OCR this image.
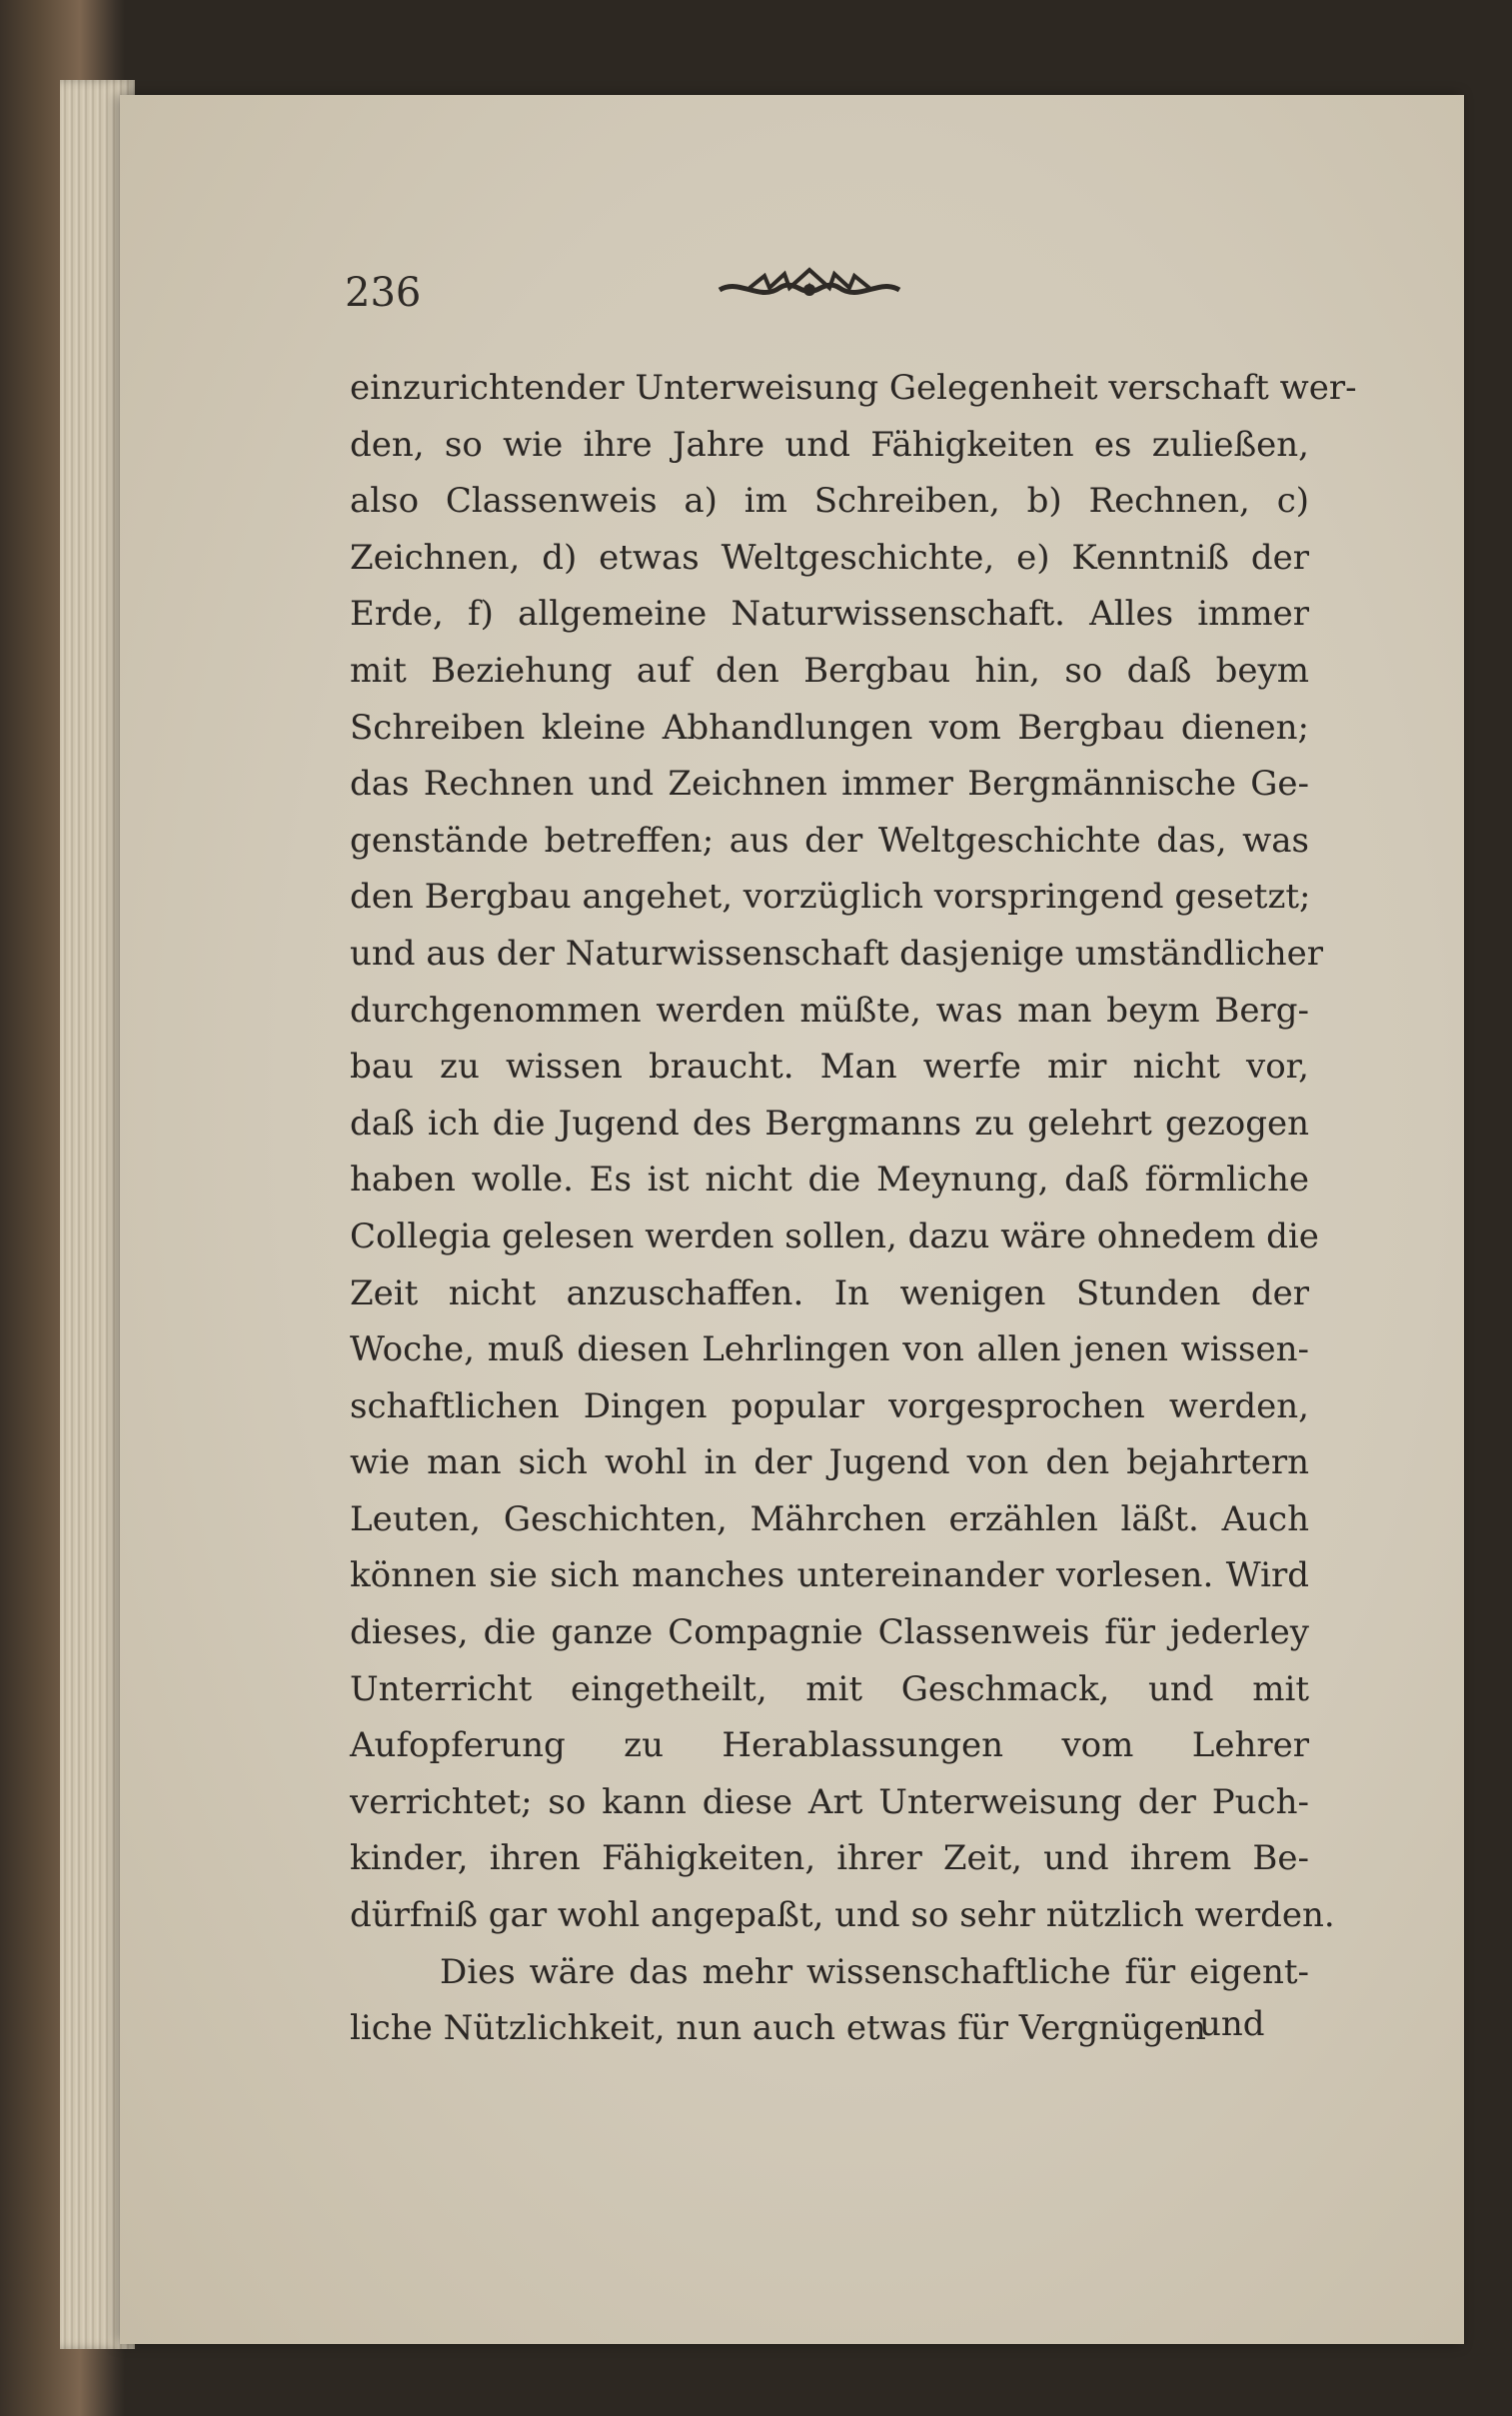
236
einzurichtender Unterweisung Gelegenheit verschaft wer-
den, so wie ihre Jahre und Fähigkeiten es zuließen,
also Classenweis a) im Schreiben, b) Rechnen, c)
Zeichnen, d) etwas Weltgeschichte, e) Kenntniß der
Erde, f) allgemeine Naturwissenschaft. Alles immer
mit Beziehung auf den Bergbau hin, so daß beym
Schreiben kleine Abhandlungen vom Bergbau dienen;
das Rechnen und Zeichnen immer Bergmännische Ge-
genstände betreffen; aus der Weltgeschichte das, was
den Bergbau angehet, vorzüglich vorspringend gesetzt;
und aus der Naturwissenschaft dasjenige umständlicher
durchgenommen werden müßte, was man beym Berg-
bau zu wissen braucht. Man werfe mir nicht vor,
daß ich die Jugend des Bergmanns zu gelehrt gezogen
haben wolle. Es ist nicht die Meynung, daß förmliche
Collegia gelesen werden sollen, dazu wäre ohnedem die
Zeit nicht anzuschaffen. In wenigen Stunden der
Woche, muß diesen Lehrlingen von allen jenen wissen-
schaftlichen Dingen popular vorgesprochen werden,
wie man sich wohl in der Jugend von den bejahrtern
Leuten, Geschichten, Mährchen erzählen läßt. Auch
können sie sich manches untereinander vorlesen. Wird
dieses, die ganze Compagnie Classenweis für jederley
Unterricht eingetheilt, mit Geschmack, und mit
Aufopferung zu Herablassungen vom Lehrer
verrichtet; so kann diese Art Unterweisung der Puch-
kinder, ihren Fähigkeiten, ihrer Zeit, und ihrem Be-
dürfniß gar wohl angepaßt, und so sehr nützlich werden.
Dies wäre das mehr wissenschaftliche für eigent-
liche Nützlichkeit, nun auch etwas für Vergnügen
und
